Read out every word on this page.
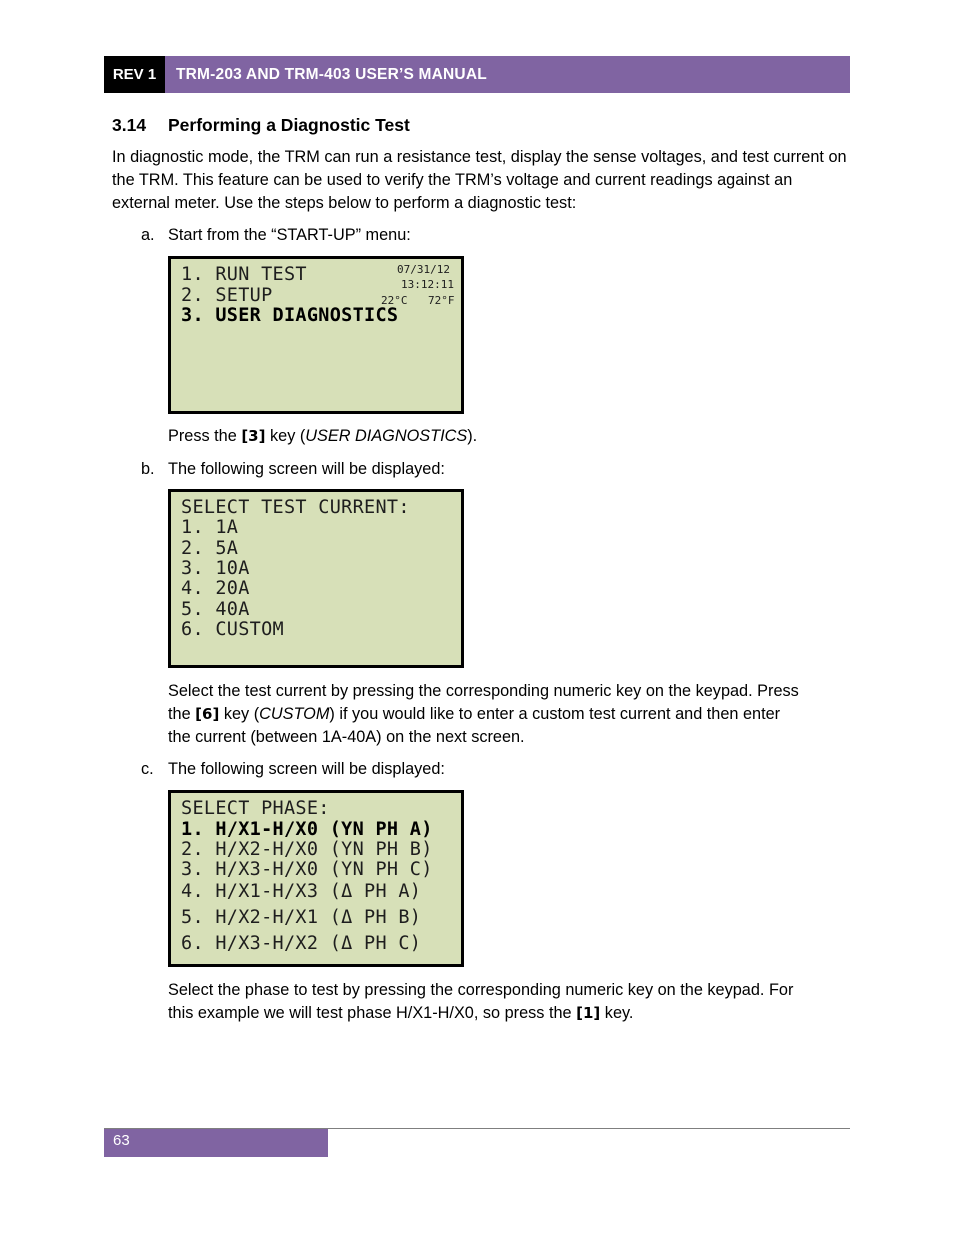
REV 1	TRM-203 AND TRM-403 USER’S MANUAL
3.14 Performing a Diagnostic Test

In diagnostic mode, the TRM can run a resistance test, display the sense voltages, and test current on the TRM. This feature can be used to verify the TRM’s voltage and current readings against an external meter. Use the steps below to perform a diagnostic test:

a. Start from the “START-UP” menu:
1. RUN TEST
2. SETUP
3. USER DIAGNOSTICS
07/31/12
13:12:11
22°C 72°F
Press the [3] key (USER DIAGNOSTICS).
b. The following screen will be displayed:
SELECT TEST CURRENT:
1. 1A
2. 5A
3. 10A
4. 20A
5. 40A
6. CUSTOM
Select the test current by pressing the corresponding numeric key on the keypad. Press
the [6] key (CUSTOM) if you would like to enter a custom test current and then enter
the current (between 1A-40A) on the next screen.
c. The following screen will be displayed:
SELECT PHASE:
1. H/X1-H/X0 (YN PH A)
2. H/X2-H/X0 (YN PH B)
3. H/X3-H/X0 (YN PH C)
4. H/X1-H/X3 (Δ PH A)
5. H/X2-H/X1 (Δ PH B)
6. H/X3-H/X2 (Δ PH C)
Select the phase to test by pressing the corresponding numeric key on the keypad. For
this example we will test phase H/X1-H/X0, so press the [1] key.
63
